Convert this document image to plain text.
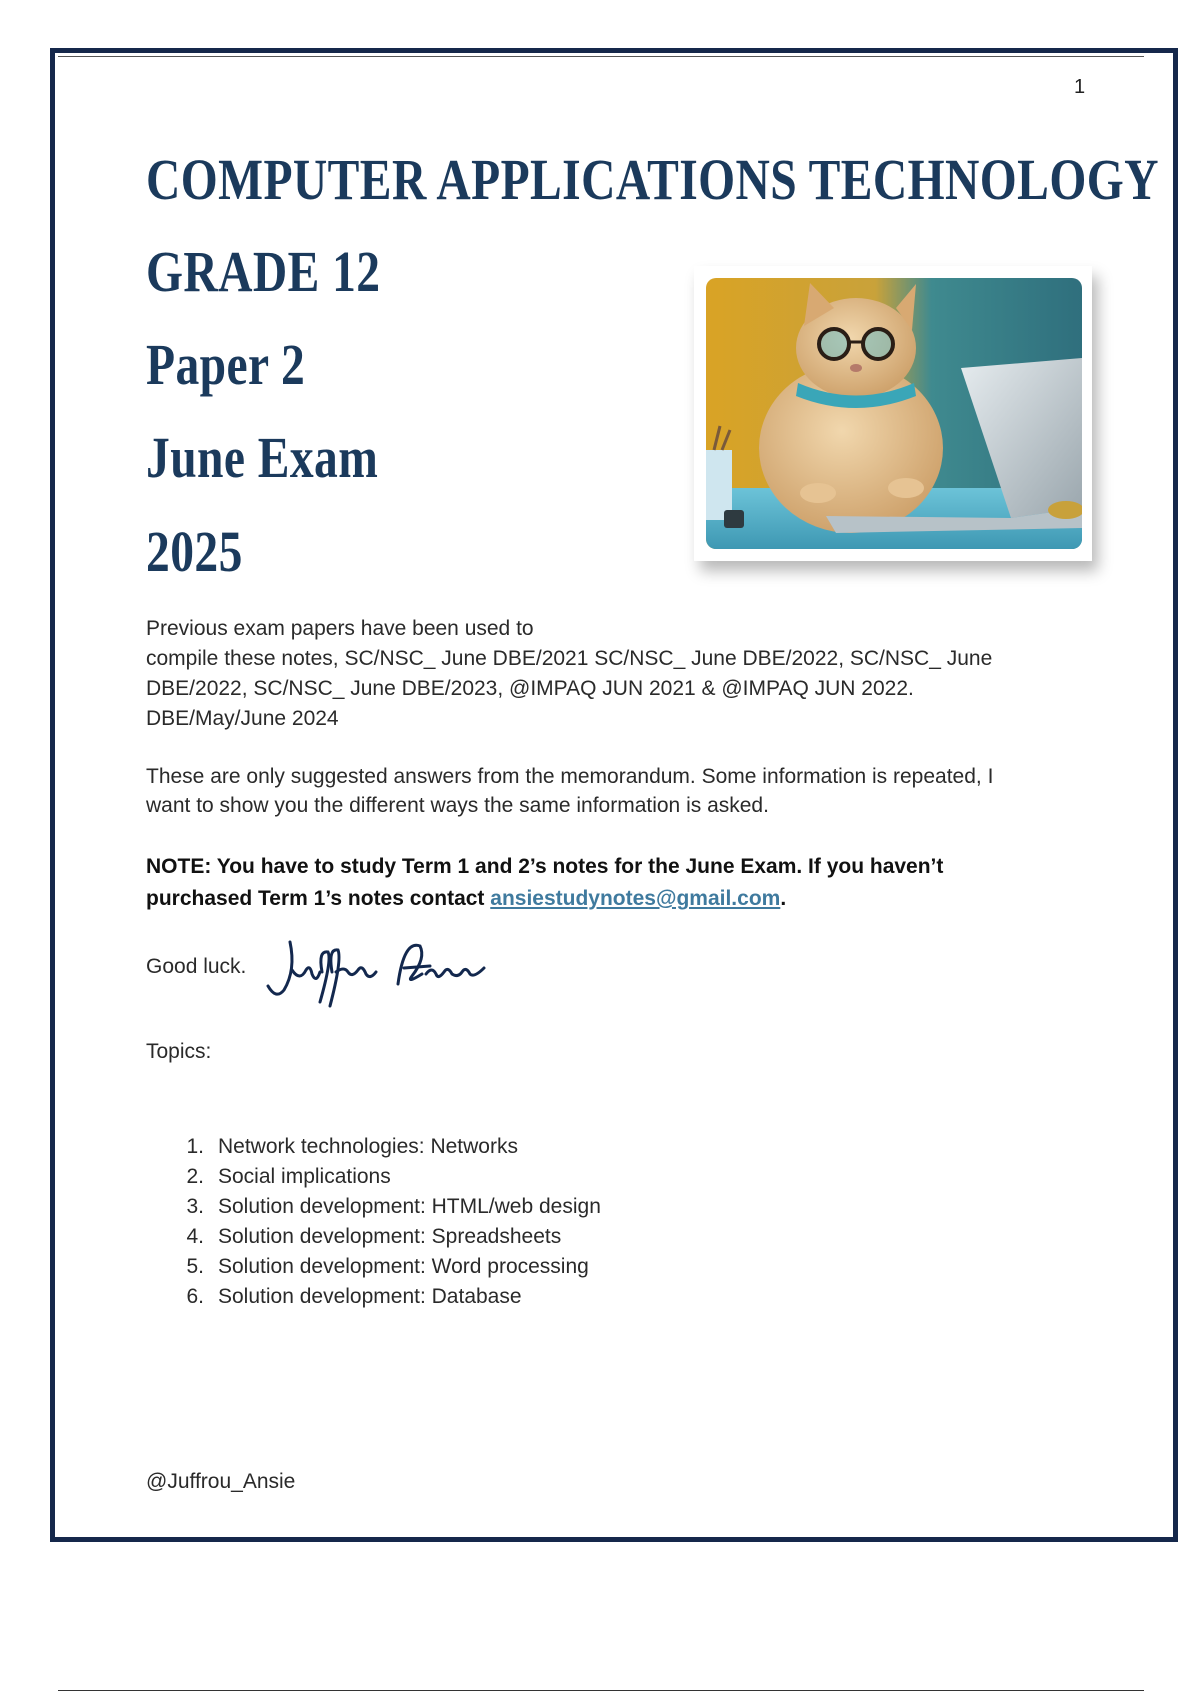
1
COMPUTER APPLICATIONS TECHNOLOGY
GRADE 12
Paper 2
June Exam
2025
Previous exam papers have been used to
compile these notes, SC/NSC_ June DBE/2021 SC/NSC_ June DBE/2022, SC/NSC_ June
DBE/2022, SC/NSC_ June DBE/2023, @IMPAQ JUN 2021 & @IMPAQ JUN 2022.
DBE/May/June 2024
These are only suggested answers from the memorandum. Some information is repeated, I
want to show you the different ways the same information is asked.
NOTE: You have to study Term 1 and 2’s notes for the June Exam. If you haven’t
purchased Term 1’s notes contact ansiestudynotes@gmail.com.

Good luck.

Topics:

1. Network technologies: Networks
2. Social implications
3. Solution development: HTML/web design
4. Solution development: Spreadsheets
5. Solution development: Word processing
6. Solution development: Database

@Juffrou_Ansie
